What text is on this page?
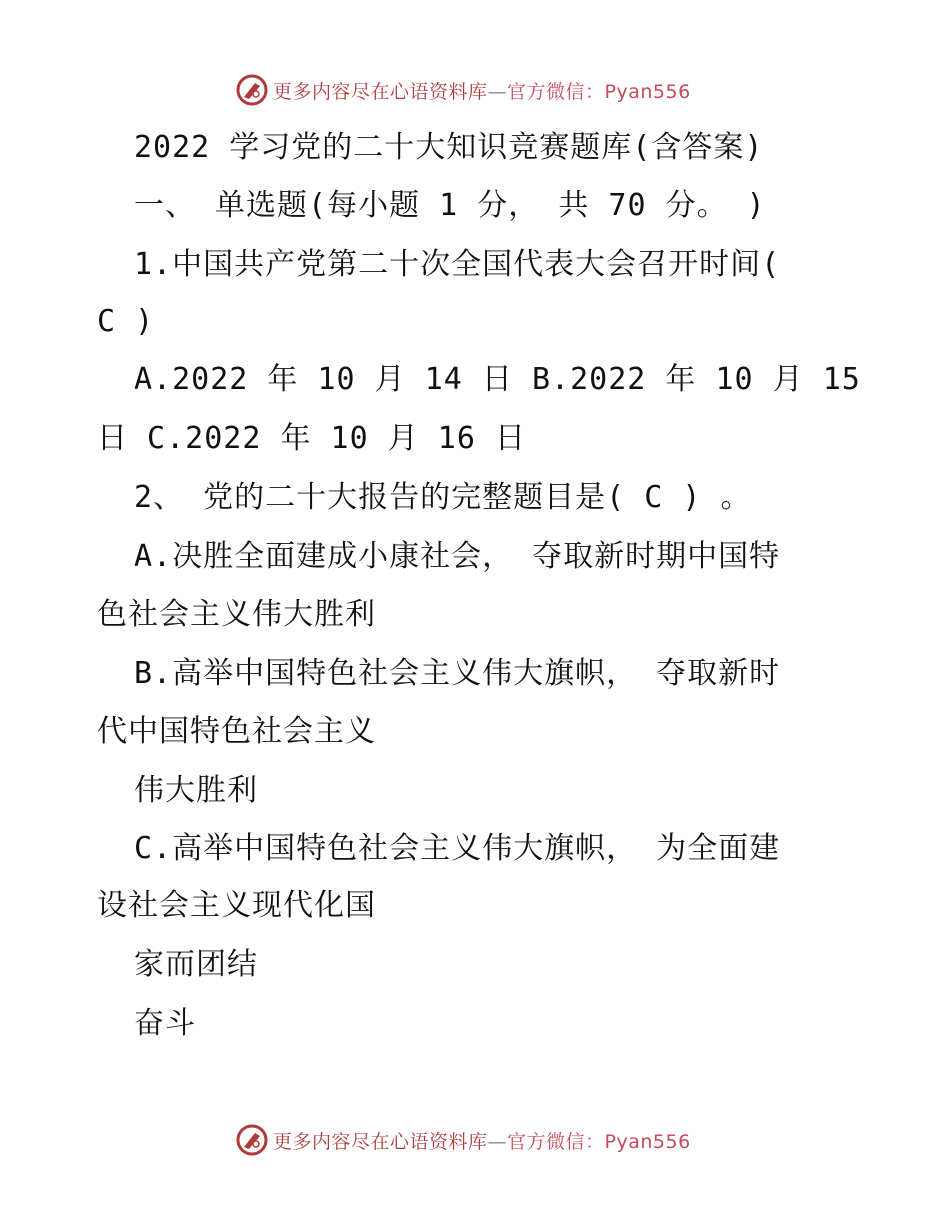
更多内容尽在心语资料库—官方微信：Pyan556
2022 学习党的二十大知识竞赛题库(含答案)
一、 单选题(每小题 1 分， 共 70 分。 )
1.中国共产党第二十次全国代表大会召开时间(
C )
A.2022 年 10 月 14 日 B.2022 年 10 月 15
日 C.2022 年 10 月 16 日
2、 党的二十大报告的完整题目是( C ) 。
A.决胜全面建成小康社会， 夺取新时期中国特
色社会主义伟大胜利
B.高举中国特色社会主义伟大旗帜， 夺取新时
代中国特色社会主义
伟大胜利
C.高举中国特色社会主义伟大旗帜， 为全面建
设社会主义现代化国
家而团结
奋斗
更多内容尽在心语资料库—官方微信：Pyan556
